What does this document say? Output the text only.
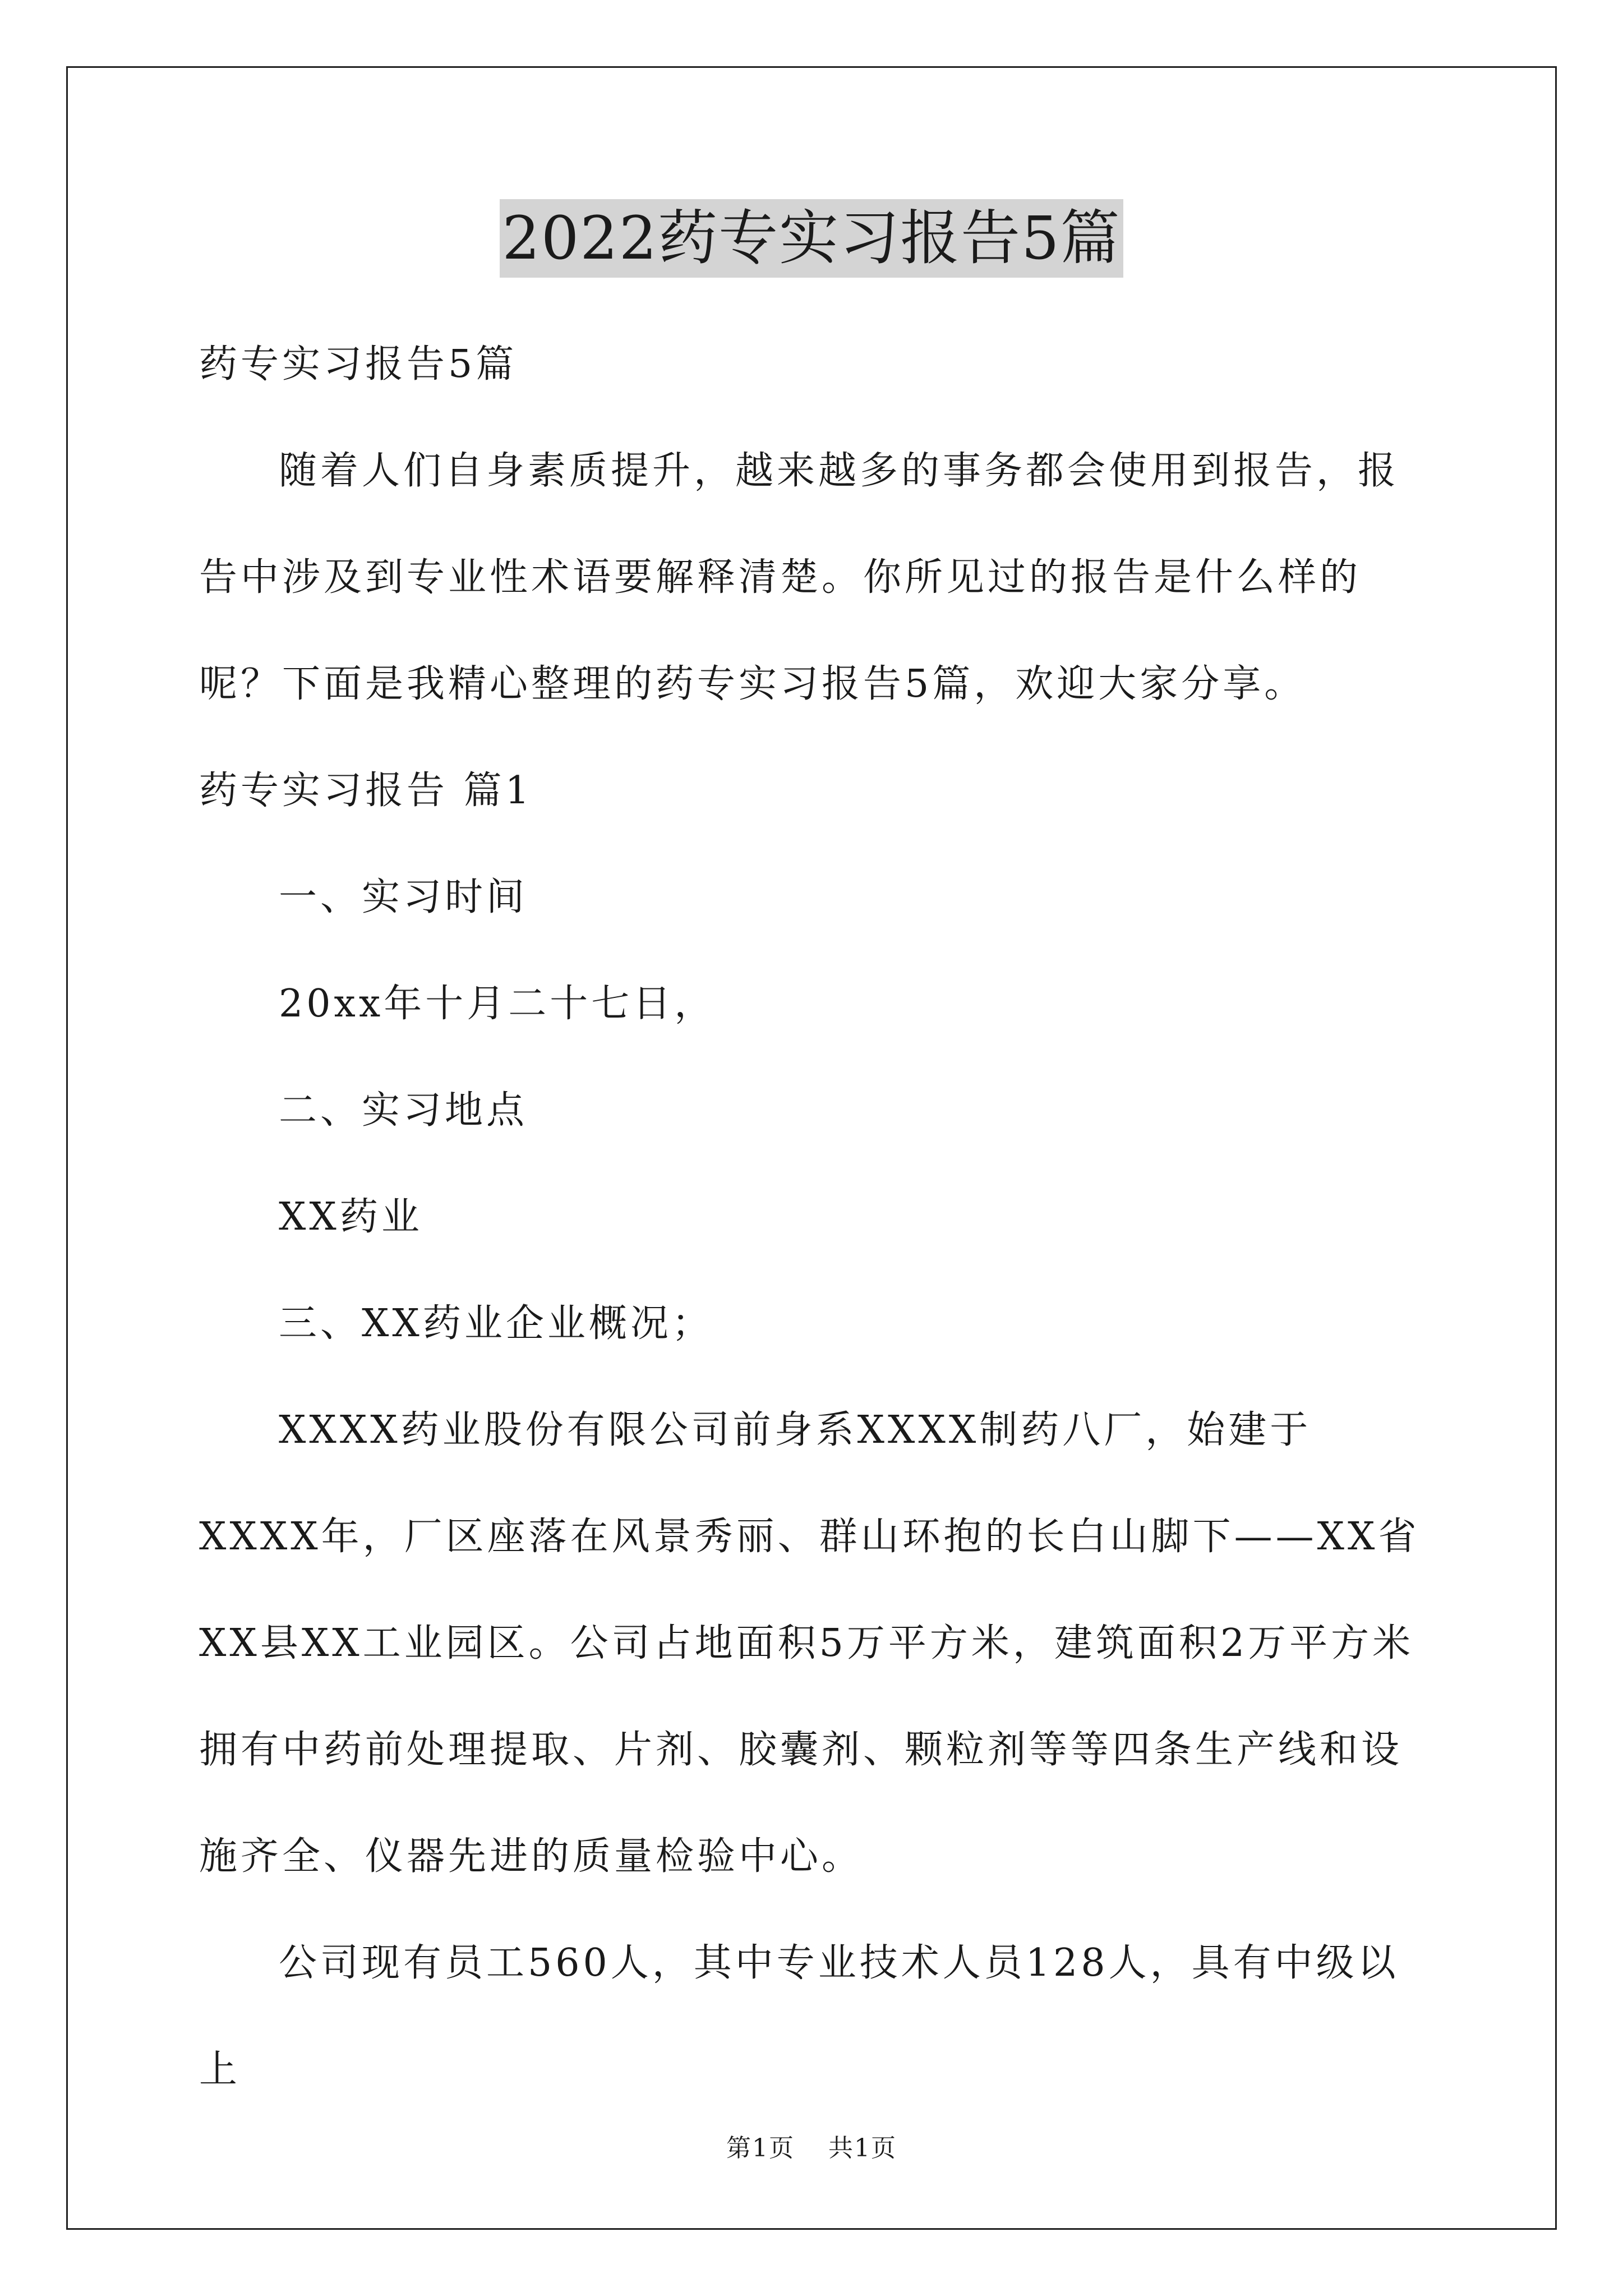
2022药专实习报告5篇

药专实习报告5篇

随着人们自身素质提升，越来越多的事务都会使用到报告，报告中涉及到专业性术语要解释清楚。你所见过的报告是什么样的呢？下面是我精心整理的药专实习报告5篇，欢迎大家分享。

药专实习报告 篇1

一、实习时间

20xx年十月二十七日，

二、实习地点

XX药业

三、XX药业企业概况；

XXXX药业股份有限公司前身系XXXX制药八厂，始建于XXXX年，厂区座落在风景秀丽、群山环抱的长白山脚下——XX省XX县XX工业园区。公司占地面积5万平方米，建筑面积2万平方米拥有中药前处理提取、片剂、胶囊剂、颗粒剂等等四条生产线和设施齐全、仪器先进的质量检验中心。

公司现有员工560人，其中专业技术人员128人，具有中级以上

第1页 共1页
